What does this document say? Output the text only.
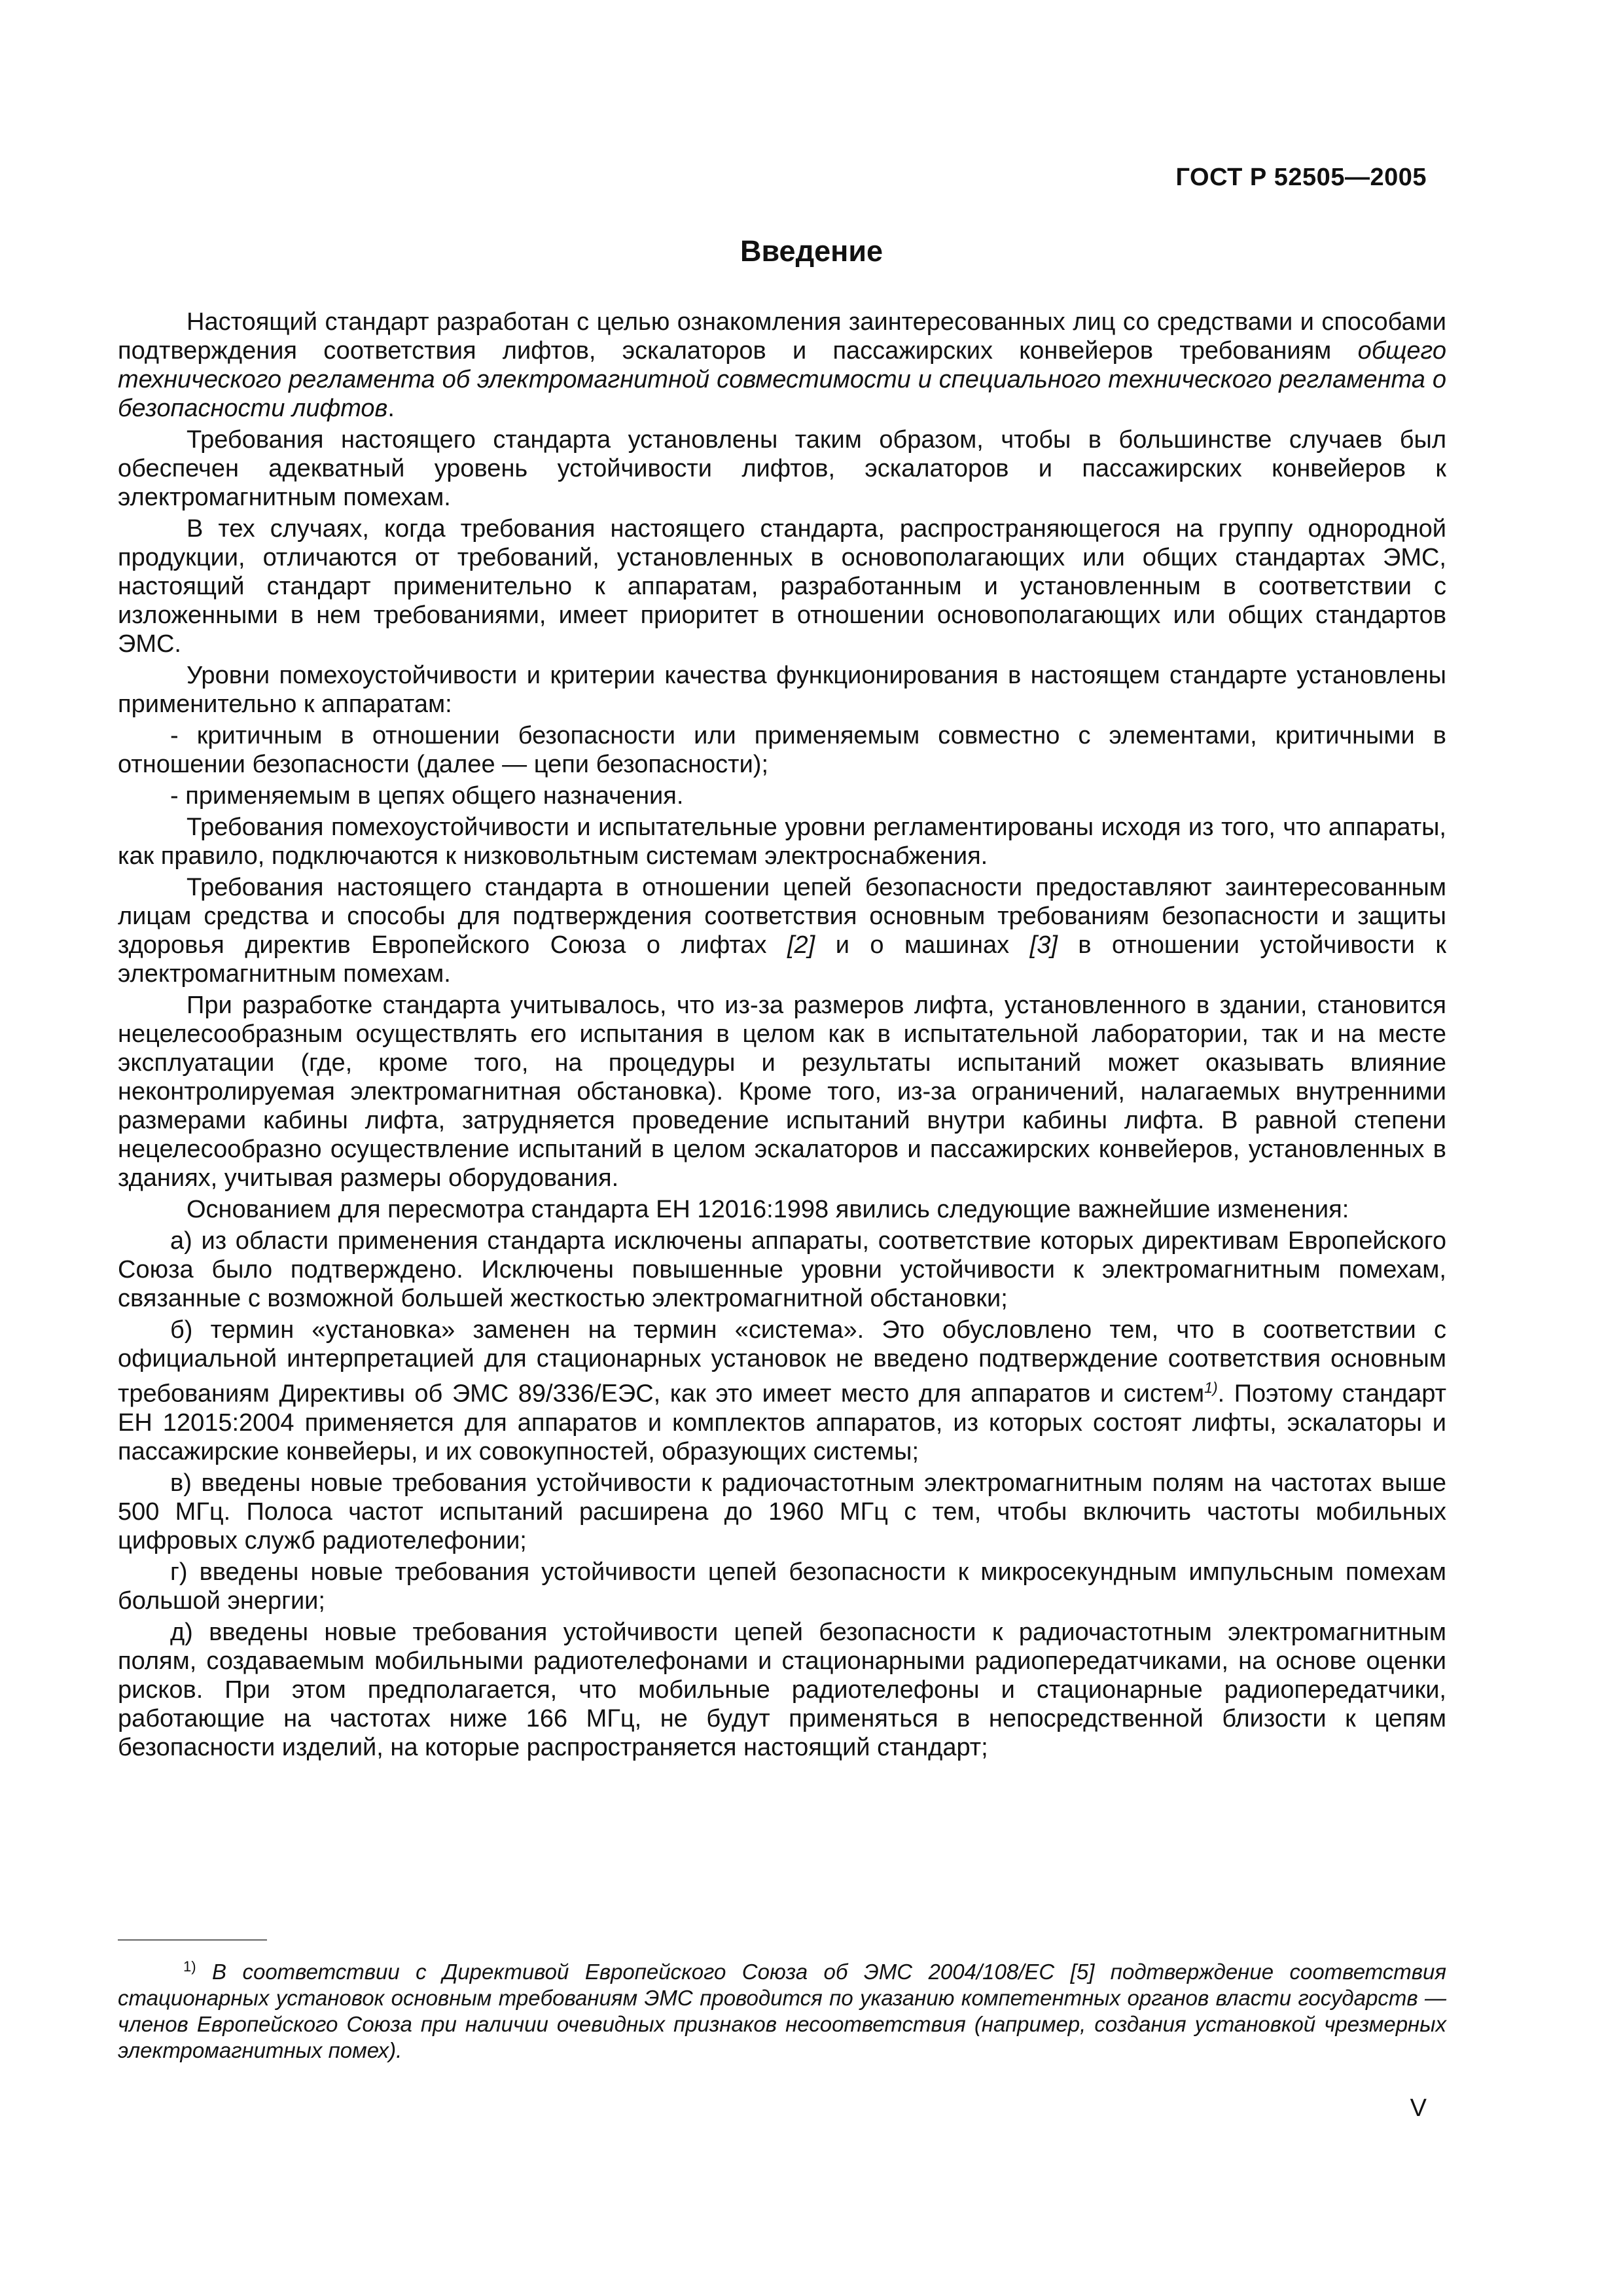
ГОСТ Р 52505—2005
Введение

Настоящий стандарт разработан с целью ознакомления заинтересованных лиц со средствами и способами подтверждения соответствия лифтов, эскалаторов и пассажирских конвейеров требованиям общего технического регламента об электромагнитной совместимости и специального технического регламента о безопасности лифтов.

Требования настоящего стандарта установлены таким образом, чтобы в большинстве случаев был обеспечен адекватный уровень устойчивости лифтов, эскалаторов и пассажирских конвейеров к электромагнитным помехам.

В тех случаях, когда требования настоящего стандарта, распространяющегося на группу однородной продукции, отличаются от требований, установленных в основополагающих или общих стандартах ЭМС, настоящий стандарт применительно к аппаратам, разработанным и установленным в соответствии с изложенными в нем требованиями, имеет приоритет в отношении основополагающих или общих стандартов ЭМС.

Уровни помехоустойчивости и критерии качества функционирования в настоящем стандарте установлены применительно к аппаратам:

- критичным в отношении безопасности или применяемым совместно с элементами, критичными в отношении безопасности (далее — цепи безопасности);

- применяемым в цепях общего назначения.

Требования помехоустойчивости и испытательные уровни регламентированы исходя из того, что аппараты, как правило, подключаются к низковольтным системам электроснабжения.

Требования настоящего стандарта в отношении цепей безопасности предоставляют заинтересованным лицам средства и способы для подтверждения соответствия основным требованиям безопасности и защиты здоровья директив Европейского Союза о лифтах [2] и о машинах [3] в отношении устойчивости к электромагнитным помехам.

При разработке стандарта учитывалось, что из-за размеров лифта, установленного в здании, становится нецелесообразным осуществлять его испытания в целом как в испытательной лаборатории, так и на месте эксплуатации (где, кроме того, на процедуры и результаты испытаний может оказывать влияние неконтролируемая электромагнитная обстановка). Кроме того, из-за ограничений, налагаемых внутренними размерами кабины лифта, затрудняется проведение испытаний внутри кабины лифта. В равной степени нецелесообразно осуществление испытаний в целом эскалаторов и пассажирских конвейеров, установленных в зданиях, учитывая размеры оборудования.

Основанием для пересмотра стандарта ЕН 12016:1998 явились следующие важнейшие изменения:

а) из области применения стандарта исключены аппараты, соответствие которых директивам Европейского Союза было подтверждено. Исключены повышенные уровни устойчивости к электромагнитным помехам, связанные с возможной большей жесткостью электромагнитной обстановки;

б) термин «установка» заменен на термин «система». Это обусловлено тем, что в соответствии с официальной интерпретацией для стационарных установок не введено подтверждение соответствия основным требованиям Директивы об ЭМС 89/336/ЕЭС, как это имеет место для аппаратов и систем$^{1)}$. Поэтому стандарт ЕН 12015:2004 применяется для аппаратов и комплектов аппаратов, из которых состоят лифты, эскалаторы и пассажирские конвейеры, и их совокупностей, образующих системы;

в) введены новые требования устойчивости к радиочастотным электромагнитным полям на частотах выше 500 МГц. Полоса частот испытаний расширена до 1960 МГц с тем, чтобы включить частоты мобильных цифровых служб радиотелефонии;

г) введены новые требования устойчивости цепей безопасности к микросекундным импульсным помехам большой энергии;

д) введены новые требования устойчивости цепей безопасности к радиочастотным электромагнитным полям, создаваемым мобильными радиотелефонами и стационарными радиопередатчиками, на основе оценки рисков. При этом предполагается, что мобильные радиотелефоны и стационарные радиопередатчики, работающие на частотах ниже 166 МГц, не будут применяться в непосредственной близости к цепям безопасности изделий, на которые распространяется настоящий стандарт;

$^{1)}$ В соответствии с Директивой Европейского Союза об ЭМС 2004/108/ЕС [5] подтверждение соответствия стационарных установок основным требованиям ЭМС проводится по указанию компетентных органов власти государств — членов Европейского Союза при наличии очевидных признаков несоответствия (например, создания установкой чрезмерных электромагнитных помех).

V
